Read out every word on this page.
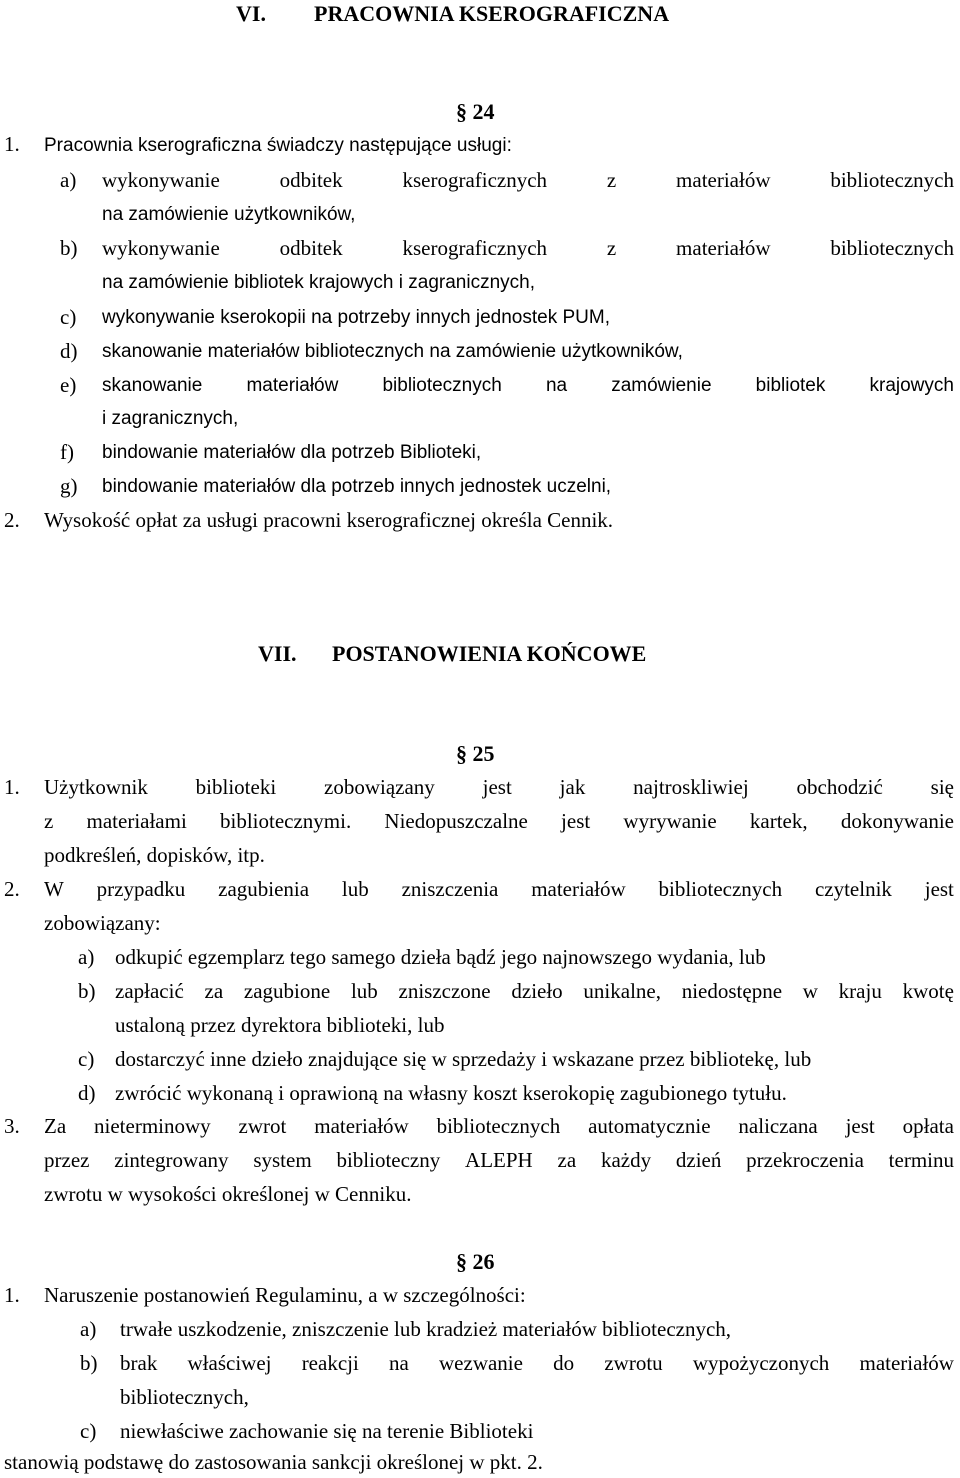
VI. PRACOWNIA KSEROGRAFICZNA
§ 24
1. Pracownia kserograficzna świadczy następujące usługi:
a) wykonywanie	odbitek	kserograficznych	z	materiałów	bibliotecznych
na zamówienie użytkowników,
b) wykonywanie	odbitek	kserograficznych	z	materiałów	bibliotecznych
na zamówienie bibliotek krajowych i zagranicznych,
c) wykonywanie kserokopii na potrzeby innych jednostek PUM,
d) skanowanie materiałów bibliotecznych na zamówienie użytkowników,
e) skanowanie materiałów bibliotecznych na zamówienie bibliotek krajowych
i zagranicznych,
f) bindowanie materiałów dla potrzeb Biblioteki,
g) bindowanie materiałów dla potrzeb innych jednostek uczelni,
2. Wysokość opłat za usługi pracowni kserograficznej określa Cennik.
VII. POSTANOWIENIA KOŃCOWE
§ 25
1. Użytkownik biblioteki zobowiązany jest jak najtroskliwiej obchodzić się
z materiałami bibliotecznymi. Niedopuszczalne jest wyrywanie kartek, dokonywanie
podkreśleń, dopisków, itp.
2. W przypadku zagubienia lub zniszczenia materiałów bibliotecznych czytelnik jest
zobowiązany:
a) odkupić egzemplarz tego samego dzieła bądź jego najnowszego wydania, lub
b) zapłacić za zagubione lub zniszczone dzieło unikalne, niedostępne w kraju kwotę
ustaloną przez dyrektora biblioteki, lub
c) dostarczyć inne dzieło znajdujące się w sprzedaży i wskazane przez bibliotekę, lub
d) zwrócić wykonaną i oprawioną na własny koszt kserokopię zagubionego tytułu.
3. Za nieterminowy zwrot materiałów bibliotecznych automatycznie naliczana jest opłata
przez zintegrowany system biblioteczny ALEPH za każdy dzień przekroczenia terminu
zwrotu w wysokości określonej w Cenniku.
§ 26
1. Naruszenie postanowień Regulaminu, a w szczególności:
a) trwałe uszkodzenie, zniszczenie lub kradzież materiałów bibliotecznych,
b) brak właściwej reakcji na wezwanie do zwrotu wypożyczonych materiałów
bibliotecznych,
c) niewłaściwe zachowanie się na terenie Biblioteki
stanowią podstawę do zastosowania sankcji określonej w pkt. 2.
